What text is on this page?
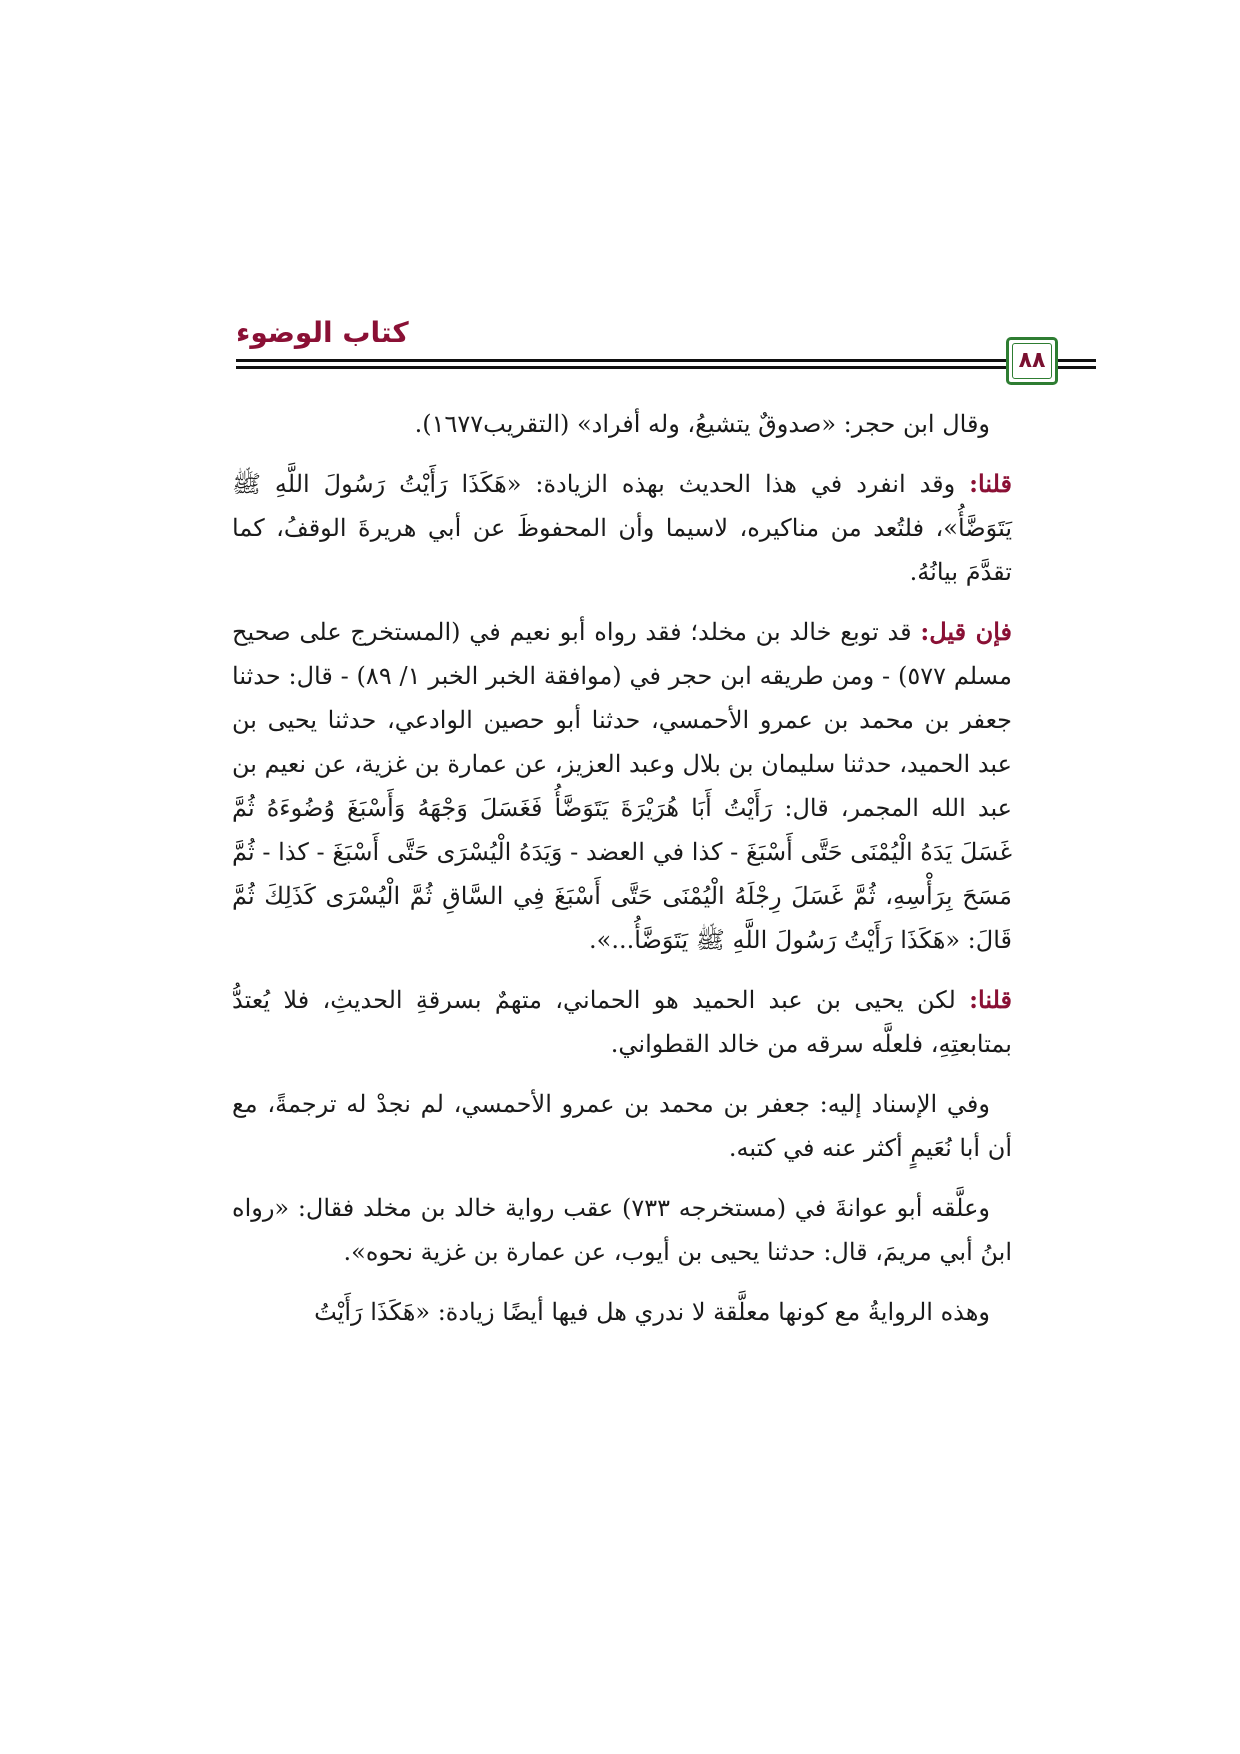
كتاب الوضوء
٨٨

وقال ابن حجر: «صدوقٌ يتشيعُ، وله أفراد» (التقريب١٦٧٧).

قلنا: وقد انفرد في هذا الحديث بهذه الزيادة: «هَكَذَا رَأَيْتُ رَسُولَ اللَّهِ ﷺ يَتَوَضَّأُ»، فلتُعد من مناكيره، لاسيما وأن المحفوظَ عن أبي هريرةَ الوقفُ، كما تقدَّمَ بيانُهُ.

فإن قيل: قد توبع خالد بن مخلد؛ فقد رواه أبو نعيم في (المستخرج على صحيح مسلم ٥٧٧) - ومن طريقه ابن حجر في (موافقة الخبر الخبر ١/ ٨٩) - قال: حدثنا جعفر بن محمد بن عمرو الأحمسي، حدثنا أبو حصين الوادعي، حدثنا يحيى بن عبد الحميد، حدثنا سليمان بن بلال وعبد العزيز، عن عمارة بن غزية، عن نعيم بن عبد الله المجمر، قال: رَأَيْتُ أَبَا هُرَيْرَةَ يَتَوَضَّأُ فَغَسَلَ وَجْهَهُ وَأَسْبَغَ وُضُوءَهُ ثُمَّ غَسَلَ يَدَهُ الْيُمْنَى حَتَّى أَسْبَغَ - كذا في العضد - وَيَدَهُ الْيُسْرَى حَتَّى أَسْبَغَ - كذا - ثُمَّ مَسَحَ بِرَأْسِهِ، ثُمَّ غَسَلَ رِجْلَهُ الْيُمْنَى حَتَّى أَسْبَغَ فِي السَّاقِ ثُمَّ الْيُسْرَى كَذَلِكَ ثُمَّ قَالَ: «هَكَذَا رَأَيْتُ رَسُولَ اللَّهِ ﷺ يَتَوَضَّأُ...».

قلنا: لكن يحيى بن عبد الحميد هو الحماني، متهمٌ بسرقةِ الحديثِ، فلا يُعتدُّ بمتابعتِهِ، فلعلَّه سرقه من خالد القطواني.

وفي الإسناد إليه: جعفر بن محمد بن عمرو الأحمسي، لم نجدْ له ترجمةً، مع أن أبا نُعَيمٍ أكثر عنه في كتبه.

وعلَّقه أبو عوانةَ في (مستخرجه ٧٣٣) عقب رواية خالد بن مخلد فقال: «رواه ابنُ أبي مريمَ، قال: حدثنا يحيى بن أيوب، عن عمارة بن غزية نحوه».

وهذه الروايةُ مع كونها معلَّقة لا ندري هل فيها أيضًا زيادة: «هَكَذَا رَأَيْتُ
